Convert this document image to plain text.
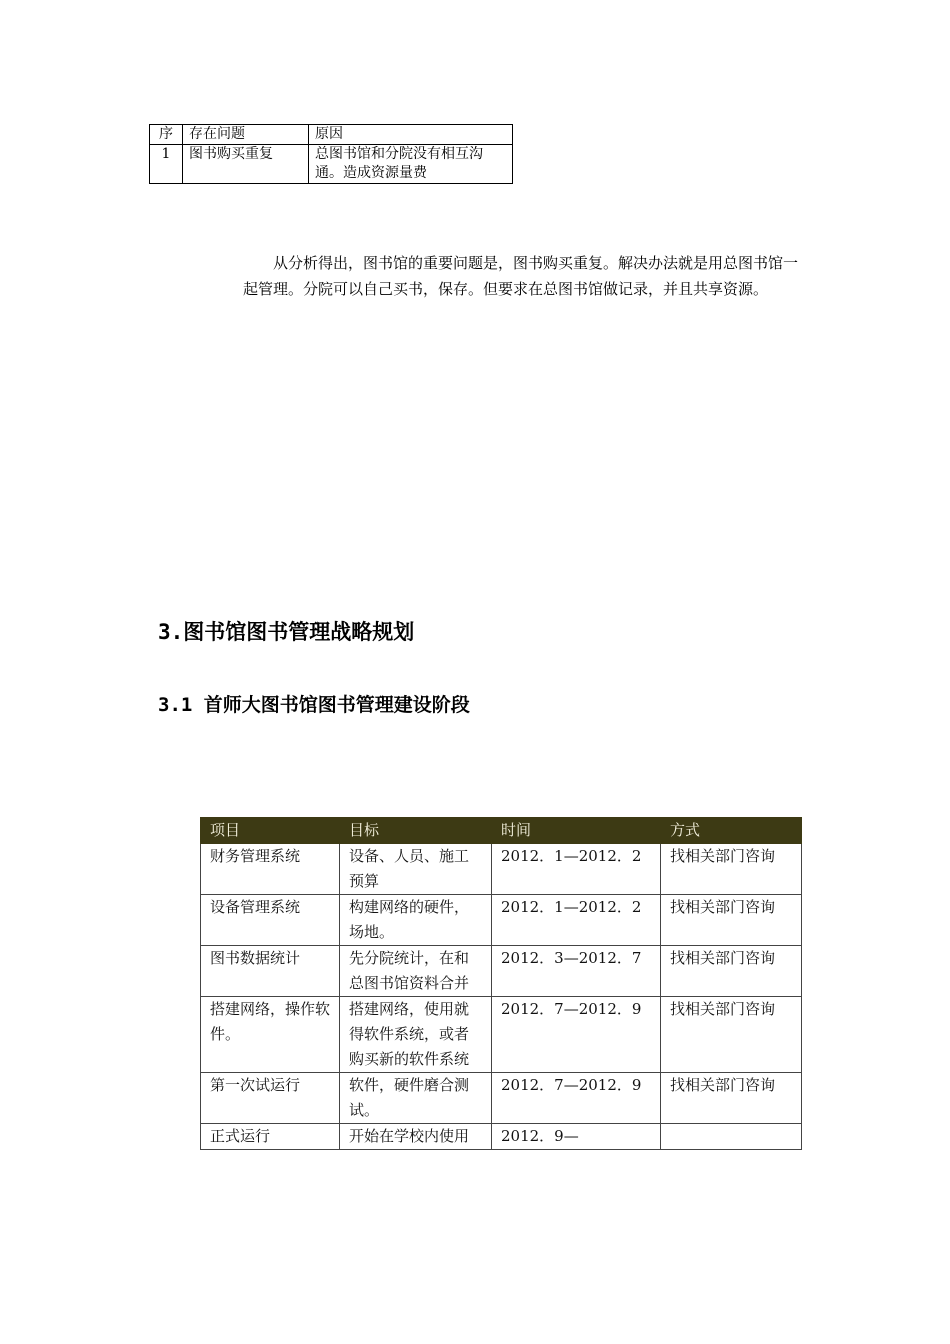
序	存在问题	原因
1	图书购买重复	总图书馆和分院没有相互沟通。造成资源量费

从分析得出，图书馆的重要问题是，图书购买重复。解决办法就是用总图书馆一起管理。分院可以自己买书，保存。但要求在总图书馆做记录，并且共享资源。

3.图书馆图书管理战略规划
3.1 首师大图书馆图书管理建设阶段
项目	目标	时间	方式
财务管理系统	设备、人员、施工预算	2012．1—2012．2	找相关部门咨询
设备管理系统	构建网络的硬件，场地。	2012．1—2012．2	找相关部门咨询
图书数据统计	先分院统计，在和总图书馆资料合并	2012．3—2012．7	找相关部门咨询
搭建网络，操作软件。	搭建网络，使用就得软件系统，或者购买新的软件系统	2012．7—2012．9	找相关部门咨询
第一次试运行	软件，硬件磨合测试。	2012．7—2012．9	找相关部门咨询
正式运行	开始在学校内使用	2012．9—	
